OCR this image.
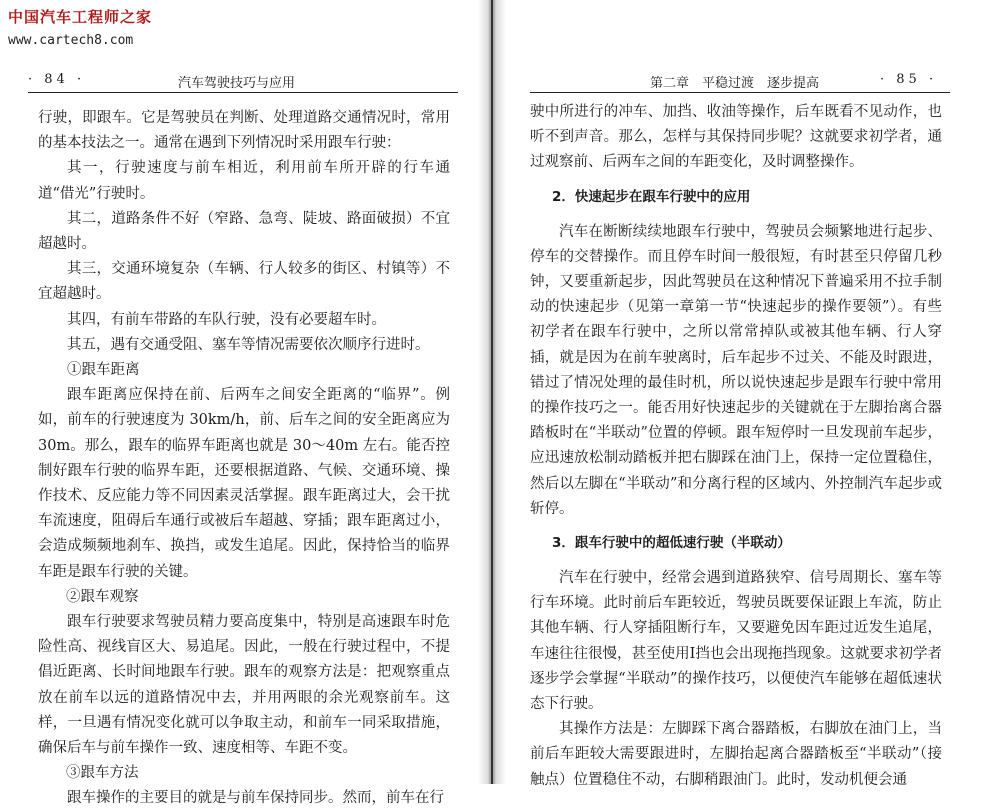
中国汽车工程师之家
www.cartech8.com
· 84 ·	汽车驾驶技巧与应用	第二章　平稳过渡　逐步提高	· 85 ·

行驶，即跟车。它是驾驶员在判断、处理道路交通情况时，常用的基本技法之一。通常在遇到下列情况时采用跟车行驶：

其一，行驶速度与前车相近，利用前车所开辟的行车通道“借光”行驶时。

其二，道路条件不好（窄路、急弯、陡坡、路面破损）不宜超越时。

其三，交通环境复杂（车辆、行人较多的街区、村镇等）不宜超越时。

其四，有前车带路的车队行驶，没有必要超车时。

其五，遇有交通受阻、塞车等情况需要依次顺序行进时。

①跟车距离

跟车距离应保持在前、后两车之间安全距离的“临界”。例如，前车的行驶速度为 30km/h，前、后车之间的安全距离应为 30m。那么，跟车的临界车距离也就是 30～40m 左右。能否控制好跟车行驶的临界车距，还要根据道路、气候、交通环境、操作技术、反应能力等不同因素灵活掌握。跟车距离过大，会干扰车流速度，阻碍后车通行或被后车超越、穿插；跟车距离过小，会造成频频地刹车、换挡，或发生追尾。因此，保持恰当的临界车距是跟车行驶的关键。

②跟车观察

跟车行驶要求驾驶员精力要高度集中，特别是高速跟车时危险性高、视线盲区大、易追尾。因此，一般在行驶过程中，不提倡近距离、长时间地跟车行驶。跟车的观察方法是：把观察重点放在前车以远的道路情况中去，并用两眼的余光观察前车。这样，一旦遇有情况变化就可以争取主动，和前车一同采取措施，确保后车与前车操作一致、速度相等、车距不变。

③跟车方法

跟车操作的主要目的就是与前车保持同步。然而，前车在行

驶中所进行的冲车、加挡、收油等操作，后车既看不见动作，也听不到声音。那么，怎样与其保持同步呢？这就要求初学者，通过观察前、后两车之间的车距变化，及时调整操作。

2．快速起步在跟车行驶中的应用

汽车在断断续续地跟车行驶中，驾驶员会频繁地进行起步、停车的交替操作。而且停车时间一般很短，有时甚至只停留几秒钟，又要重新起步，因此驾驶员在这种情况下普遍采用不拉手制动的快速起步（见第一章第一节“快速起步的操作要领”）。有些初学者在跟车行驶中，之所以常常掉队或被其他车辆、行人穿插，就是因为在前车驶离时，后车起步不过关、不能及时跟进，错过了情况处理的最佳时机，所以说快速起步是跟车行驶中常用的操作技巧之一。能否用好快速起步的关键就在于左脚抬离合器踏板时在“半联动”位置的停顿。跟车短停时一旦发现前车起步，应迅速放松制动踏板并把右脚踩在油门上，保持一定位置稳住，然后以左脚在“半联动”和分离行程的区域内、外控制汽车起步或斩停。

3．跟车行驶中的超低速行驶（半联动）

汽车在行驶中，经常会遇到道路狭窄、信号周期长、塞车等行车环境。此时前后车距较近，驾驶员既要保证跟上车流，防止其他车辆、行人穿插阻断行车，又要避免因车距过近发生追尾，车速往往很慢，甚至使用Ⅰ挡也会出现拖挡现象。这就要求初学者逐步学会掌握“半联动”的操作技巧，以便使汽车能够在超低速状态下行驶。

其操作方法是：左脚踩下离合器踏板，右脚放在油门上，当前后车距较大需要跟进时，左脚抬起离合器踏板至“半联动”（接触点）位置稳住不动，右脚稍跟油门。此时，发动机便会通
